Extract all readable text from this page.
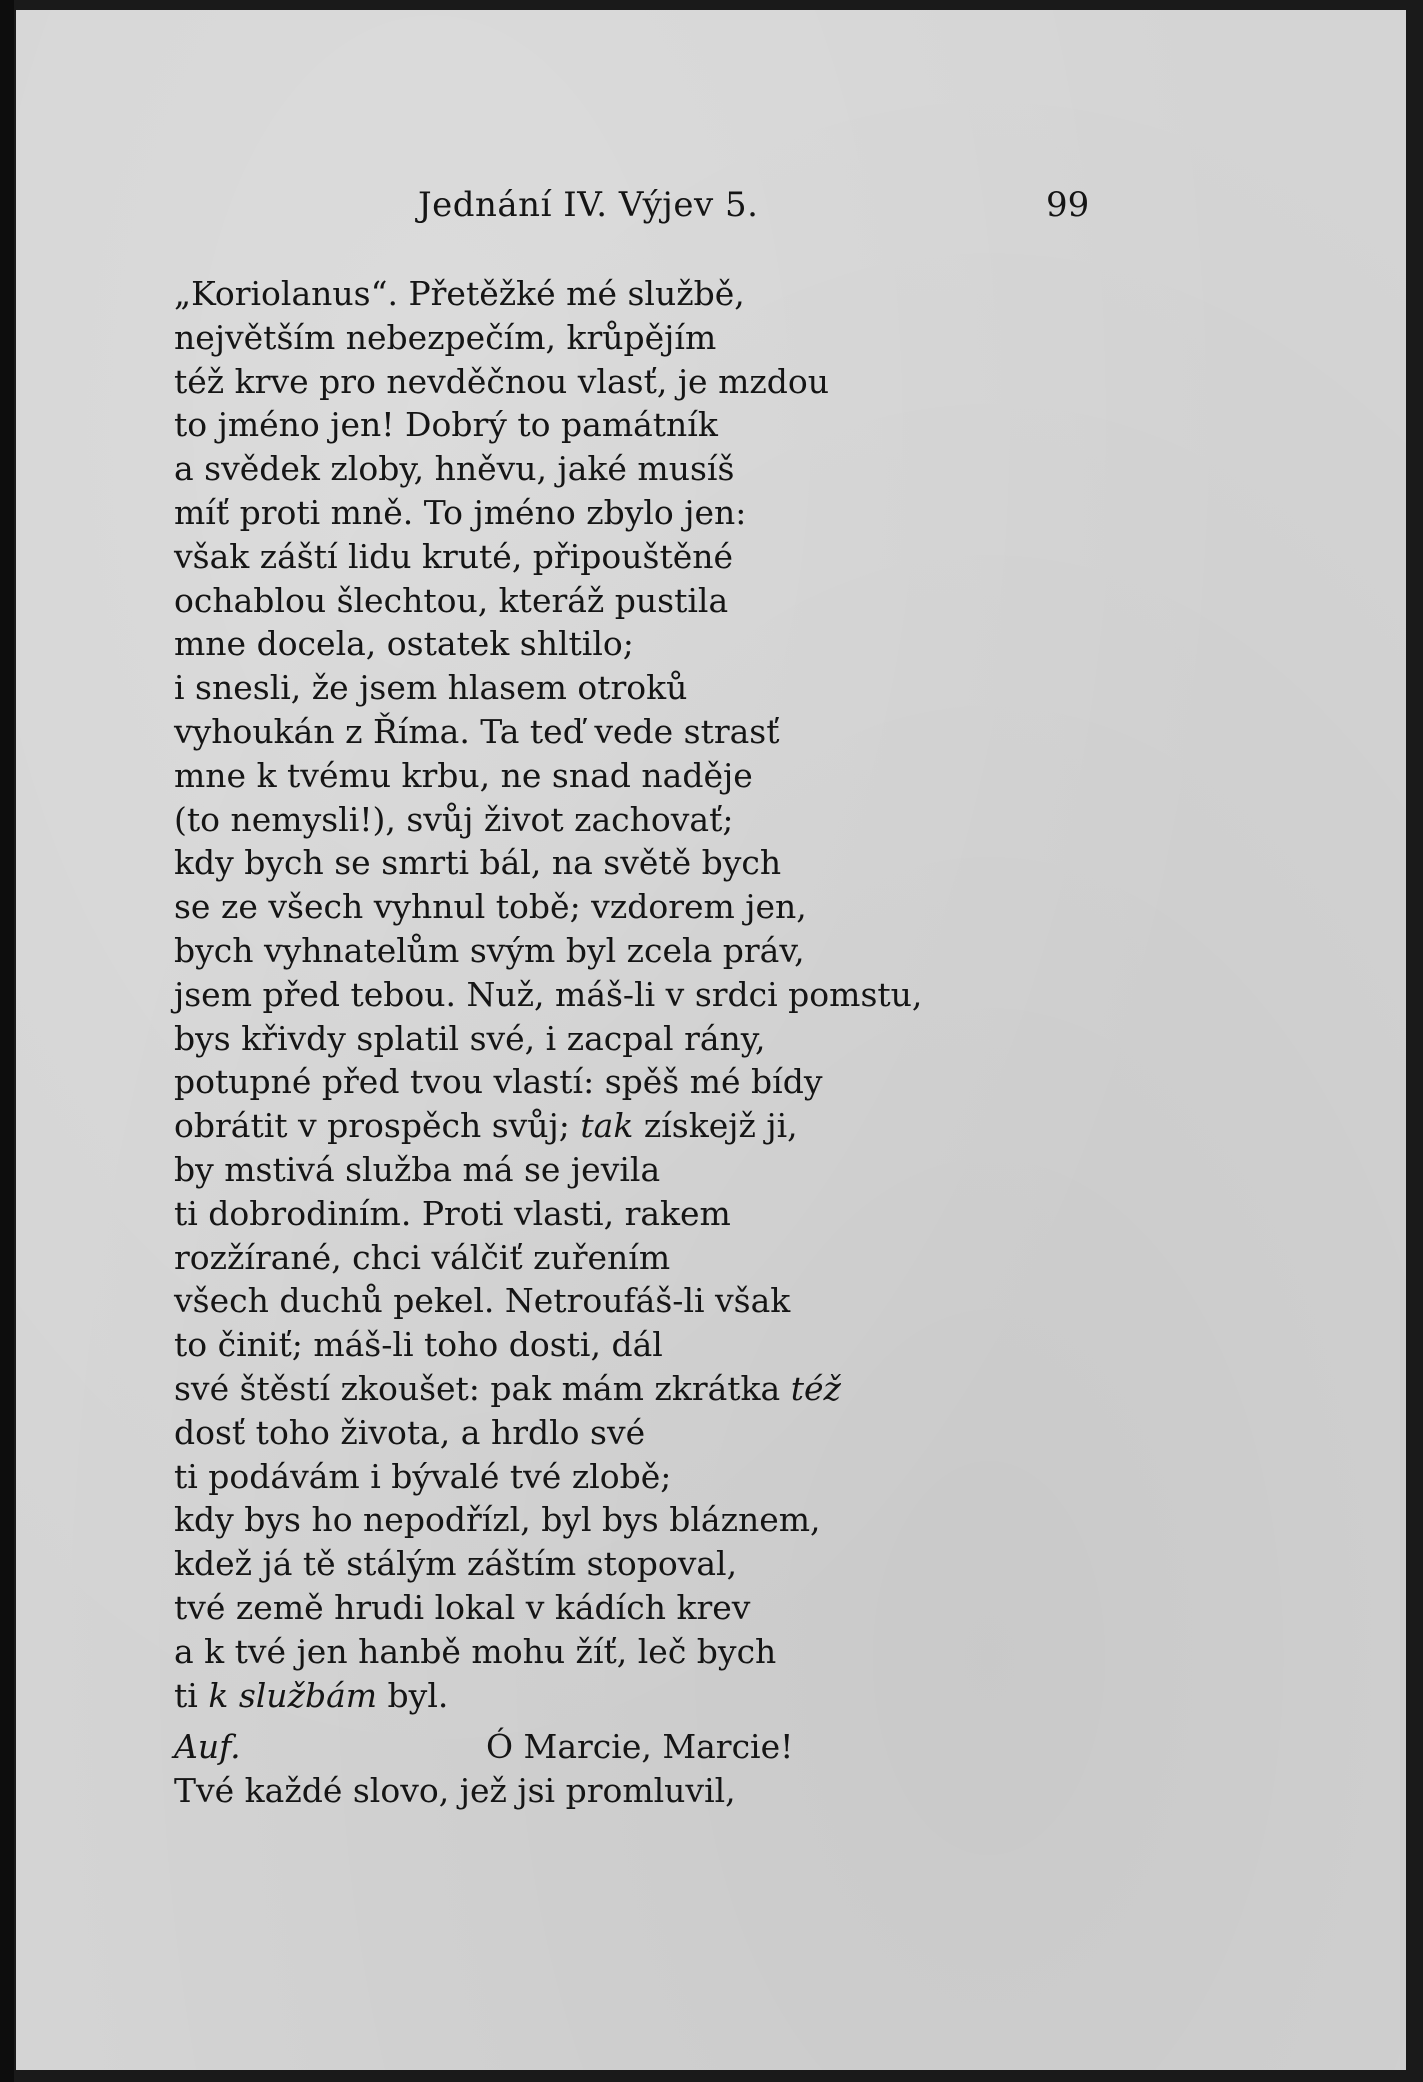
Jednání IV. Výjev 5.	99
„Koriolanus“. Přetěžké mé službě,
největším nebezpečím, krůpějím
též krve pro nevděčnou vlasť, je mzdou
to jméno jen! Dobrý to památník
a svědek zloby, hněvu, jaké musíš
míť proti mně. To jméno zbylo jen:
však záští lidu kruté, připouštěné
ochablou šlechtou, kteráž pustila
mne docela, ostatek shltilo;
i snesli, že jsem hlasem otroků
vyhoukán z Říma. Ta teď vede strasť
mne k tvému krbu, ne snad naděje
(to nemysli!), svůj život zachovať;
kdy bych se smrti bál, na světě bych
se ze všech vyhnul tobě; vzdorem jen,
bych vyhnatelům svým byl zcela práv,
jsem před tebou. Nuž, máš-li v srdci pomstu,
bys křivdy splatil své, i zacpal rány,
potupné před tvou vlastí: spěš mé bídy
obrátit v prospěch svůj; tak získejž ji,
by mstivá služba má se jevila
ti dobrodiním. Proti vlasti, rakem
rozžírané, chci válčiť zuřením
všech duchů pekel. Netroufáš-li však
to činiť; máš-li toho dosti, dál
své štěstí zkoušet: pak mám zkrátka též
dosť toho života, a hrdlo své
ti podávám i bývalé tvé zlobě;
kdy bys ho nepodřízl, byl bys bláznem,
kdež já tě stálým záštím stopoval,
tvé země hrudi lokal v kádích krev
a k tvé jen hanbě mohu žíť, leč bych
ti k službám byl.
Auf.	Ó Marcie, Marcie!
Tvé každé slovo, jež jsi promluvil,
